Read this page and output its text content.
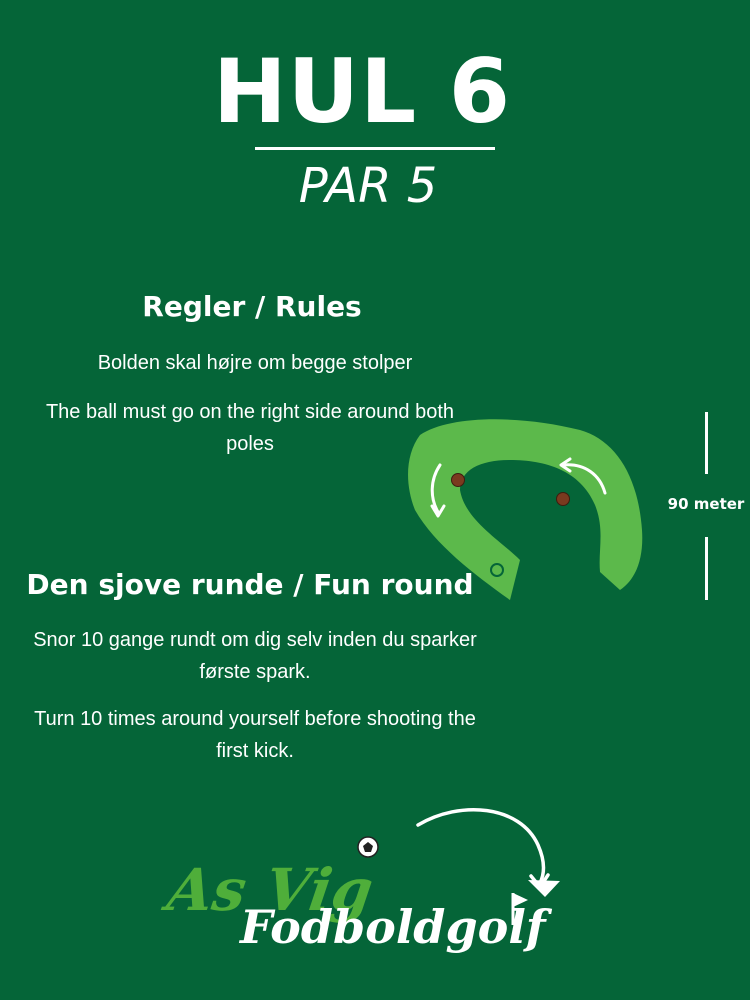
HUL 6
PAR 5
Regler / Rules
Bolden skal højre om begge stolper
The ball must go on the right side around both poles
Den sjove runde / Fun round
Snor 10 gange rundt om dig selv inden du sparker første spark.
Turn 10 times around yourself before shooting the first kick.
90 meter
As Vig
Fodboldgolf
